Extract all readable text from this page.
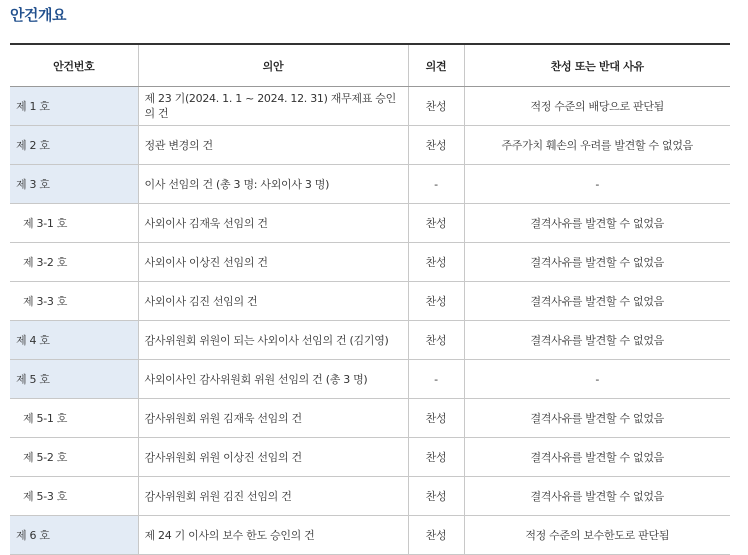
안건개요
안건번호	의안	의견	찬성 또는 반대 사유
제 1 호	제 23 기(2024. 1. 1 ~ 2024. 12. 31) 재무제표 승인의 건	찬성	적정 수준의 배당으로 판단됨
제 2 호	정관 변경의 건	찬성	주주가치 훼손의 우려를 발견할 수 없었음
제 3 호	이사 선임의 건 (총 3 명: 사외이사 3 명)	-	-
제 3-1 호	사외이사 김재욱 선임의 건	찬성	결격사유를 발견할 수 없었음
제 3-2 호	사외이사 이상진 선임의 건	찬성	결격사유를 발견할 수 없었음
제 3-3 호	사외이사 김진 선임의 건	찬성	결격사유를 발견할 수 없었음
제 4 호	감사위원회 위원이 되는 사외이사 선임의 건 (김기영)	찬성	결격사유를 발견할 수 없었음
제 5 호	사외이사인 감사위원회 위원 선임의 건 (총 3 명)	-	-
제 5-1 호	감사위원회 위원 김재욱 선임의 건	찬성	결격사유를 발견할 수 없었음
제 5-2 호	감사위원회 위원 이상진 선임의 건	찬성	결격사유를 발견할 수 없었음
제 5-3 호	감사위원회 위원 김진 선임의 건	찬성	결격사유를 발견할 수 없었음
제 6 호	제 24 기 이사의 보수 한도 승인의 건	찬성	적정 수준의 보수한도로 판단됨
